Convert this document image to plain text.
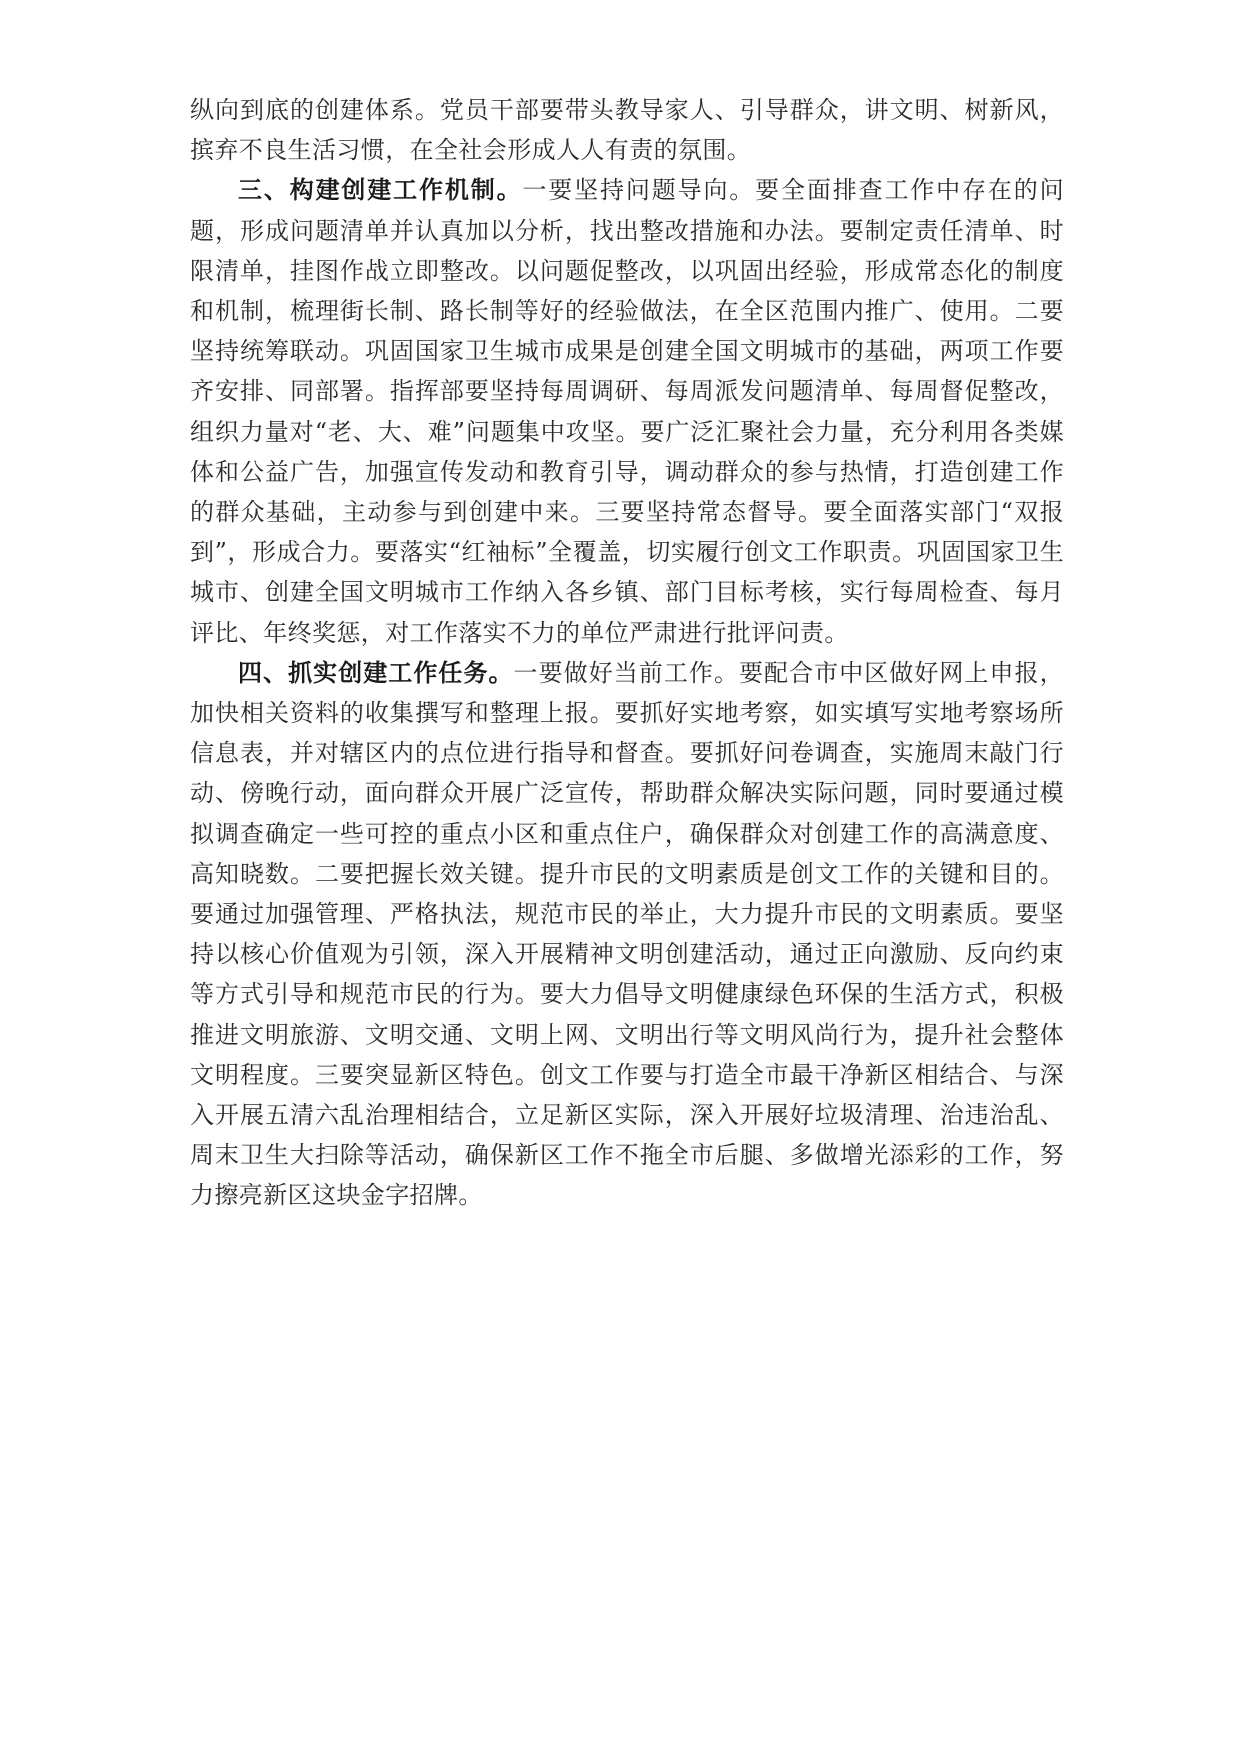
纵向到底的创建体系。党员干部要带头教导家人、引导群众，讲文明、树新风，摈弃不良生活习惯，在全社会形成人人有责的氛围。

三、构建创建工作机制。一要坚持问题导向。要全面排查工作中存在的问题，形成问题清单并认真加以分析，找出整改措施和办法。要制定责任清单、时限清单，挂图作战立即整改。以问题促整改，以巩固出经验，形成常态化的制度和机制，梳理街长制、路长制等好的经验做法，在全区范围内推广、使用。二要坚持统筹联动。巩固国家卫生城市成果是创建全国文明城市的基础，两项工作要齐安排、同部署。指挥部要坚持每周调研、每周派发问题清单、每周督促整改，组织力量对“老、大、难”问题集中攻坚。要广泛汇聚社会力量，充分利用各类媒体和公益广告，加强宣传发动和教育引导，调动群众的参与热情，打造创建工作的群众基础，主动参与到创建中来。三要坚持常态督导。要全面落实部门“双报到”，形成合力。要落实“红袖标”全覆盖，切实履行创文工作职责。巩固国家卫生城市、创建全国文明城市工作纳入各乡镇、部门目标考核，实行每周检查、每月评比、年终奖惩，对工作落实不力的单位严肃进行批评问责。

四、抓实创建工作任务。一要做好当前工作。要配合市中区做好网上申报，加快相关资料的收集撰写和整理上报。要抓好实地考察，如实填写实地考察场所信息表，并对辖区内的点位进行指导和督查。要抓好问卷调查，实施周末敲门行动、傍晚行动，面向群众开展广泛宣传，帮助群众解决实际问题，同时要通过模拟调查确定一些可控的重点小区和重点住户，确保群众对创建工作的高满意度、高知晓数。二要把握长效关键。提升市民的文明素质是创文工作的关键和目的。要通过加强管理、严格执法，规范市民的举止，大力提升市民的文明素质。要坚持以核心价值观为引领，深入开展精神文明创建活动，通过正向激励、反向约束等方式引导和规范市民的行为。要大力倡导文明健康绿色环保的生活方式，积极推进文明旅游、文明交通、文明上网、文明出行等文明风尚行为，提升社会整体文明程度。三要突显新区特色。创文工作要与打造全市最干净新区相结合、与深入开展五清六乱治理相结合，立足新区实际，深入开展好垃圾清理、治违治乱、周末卫生大扫除等活动，确保新区工作不拖全市后腿、多做增光添彩的工作，努力擦亮新区这块金字招牌。
